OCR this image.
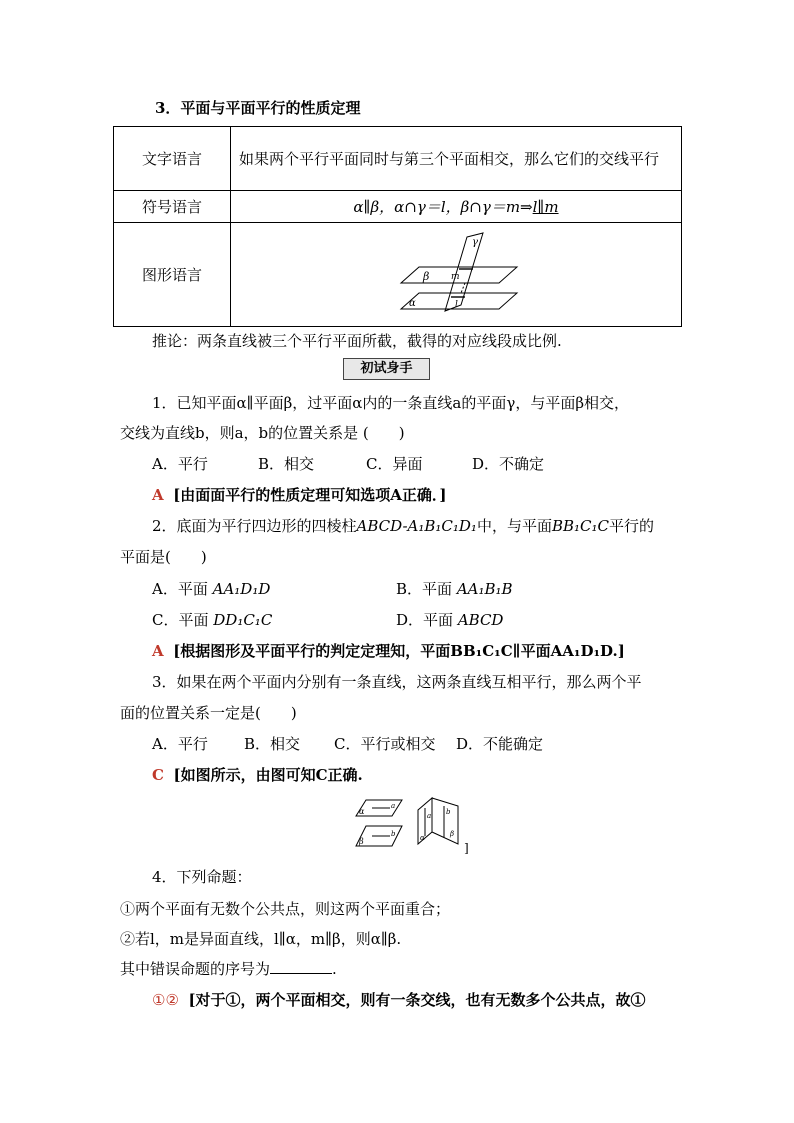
3．平面与平面平行的性质定理
文字语言	如果两个平行平面同时与第三个平面相交，那么它们的交线平行
符号语言	α∥β，α∩γ＝l，β∩γ＝m⇒l∥m
图形语言	β
α
γ
m
l
推论：两条直线被三个平行平面所截，截得的对应线段成比例.
初试身手
1．已知平面α∥平面β，过平面α内的一条直线a的平面γ，与平面β相交，
交线为直线b，则a，b的位置关系是 (　　)
A．平行	B．相交	C．异面	D．不确定
A [由面面平行的性质定理可知选项A正确．]
2．底面为平行四边形的四棱柱ABCD-A₁B₁C₁D₁中，与平面BB₁C₁C平行的
平面是(　　)
A．平面 AA₁D₁D	B．平面 AA₁B₁B
C．平面 DD₁C₁C	D．平面 ABCD
A [根据图形及平面平行的判定定理知，平面BB₁C₁C∥平面AA₁D₁D.]
3．如果在两个平面内分别有一条直线，这两条直线互相平行，那么两个平
面的位置关系一定是(　　)
A．平行 B．相交 C．平行或相交 D．不能确定
C [如图所示，由图可知C正确.
α
a
β
b	α	β
a b
]
4．下列命题：
①两个平面有无数个公共点，则这两个平面重合；
②若l，m是异面直线，l∥α，m∥β，则α∥β.
其中错误命题的序号为	.
①② [对于①，两个平面相交，则有一条交线，也有无数多个公共点，故①
